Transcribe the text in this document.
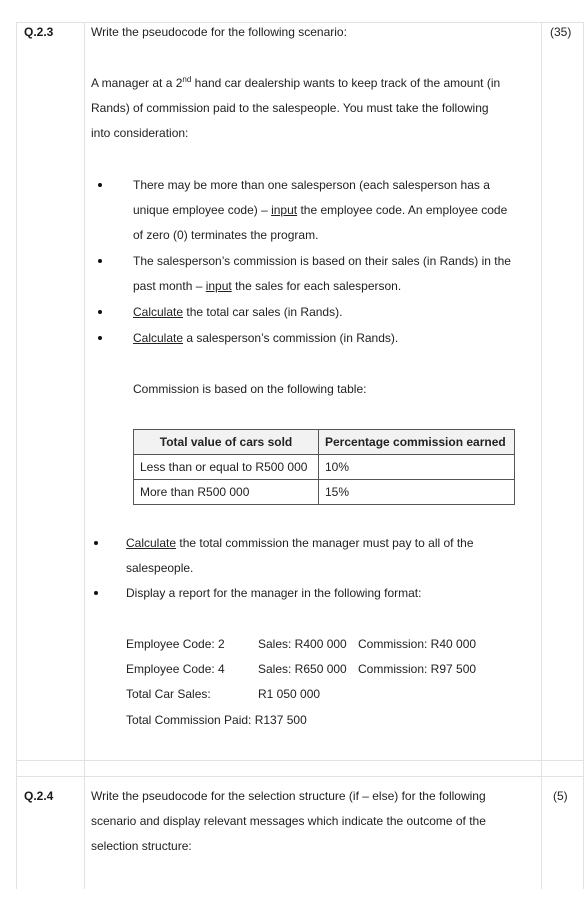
Q.2.3	(35)
Write the pseudocode for the following scenario:
A manager at a 2nd hand car dealership wants to keep track of the amount (in
Rands) of commission paid to the salespeople. You must take the following
into consideration:
There may be more than one salesperson (each salesperson has a
unique employee code) – input the employee code. An employee code
of zero (0) terminates the program.
The salesperson’s commission is based on their sales (in Rands) in the
past month – input the sales for each salesperson.
Calculate the total car sales (in Rands).
Calculate a salesperson’s commission (in Rands).
Commission is based on the following table:
Total value of cars sold	Percentage commission earned
Less than or equal to R500 000	10%
More than R500 000	15%
Calculate the total commission the manager must pay to all of the
salespeople.
Display a report for the manager in the following format:
Employee Code: 2	Sales: R400 000 Commission: R40 000
Employee Code: 4	Sales: R650 000 Commission: R97 500
Total Car Sales:	R1 050 000
Total Commission Paid: R137 500
Q.2.4	(5)
Write the pseudocode for the selection structure (if – else) for the following
scenario and display relevant messages which indicate the outcome of the
selection structure:
